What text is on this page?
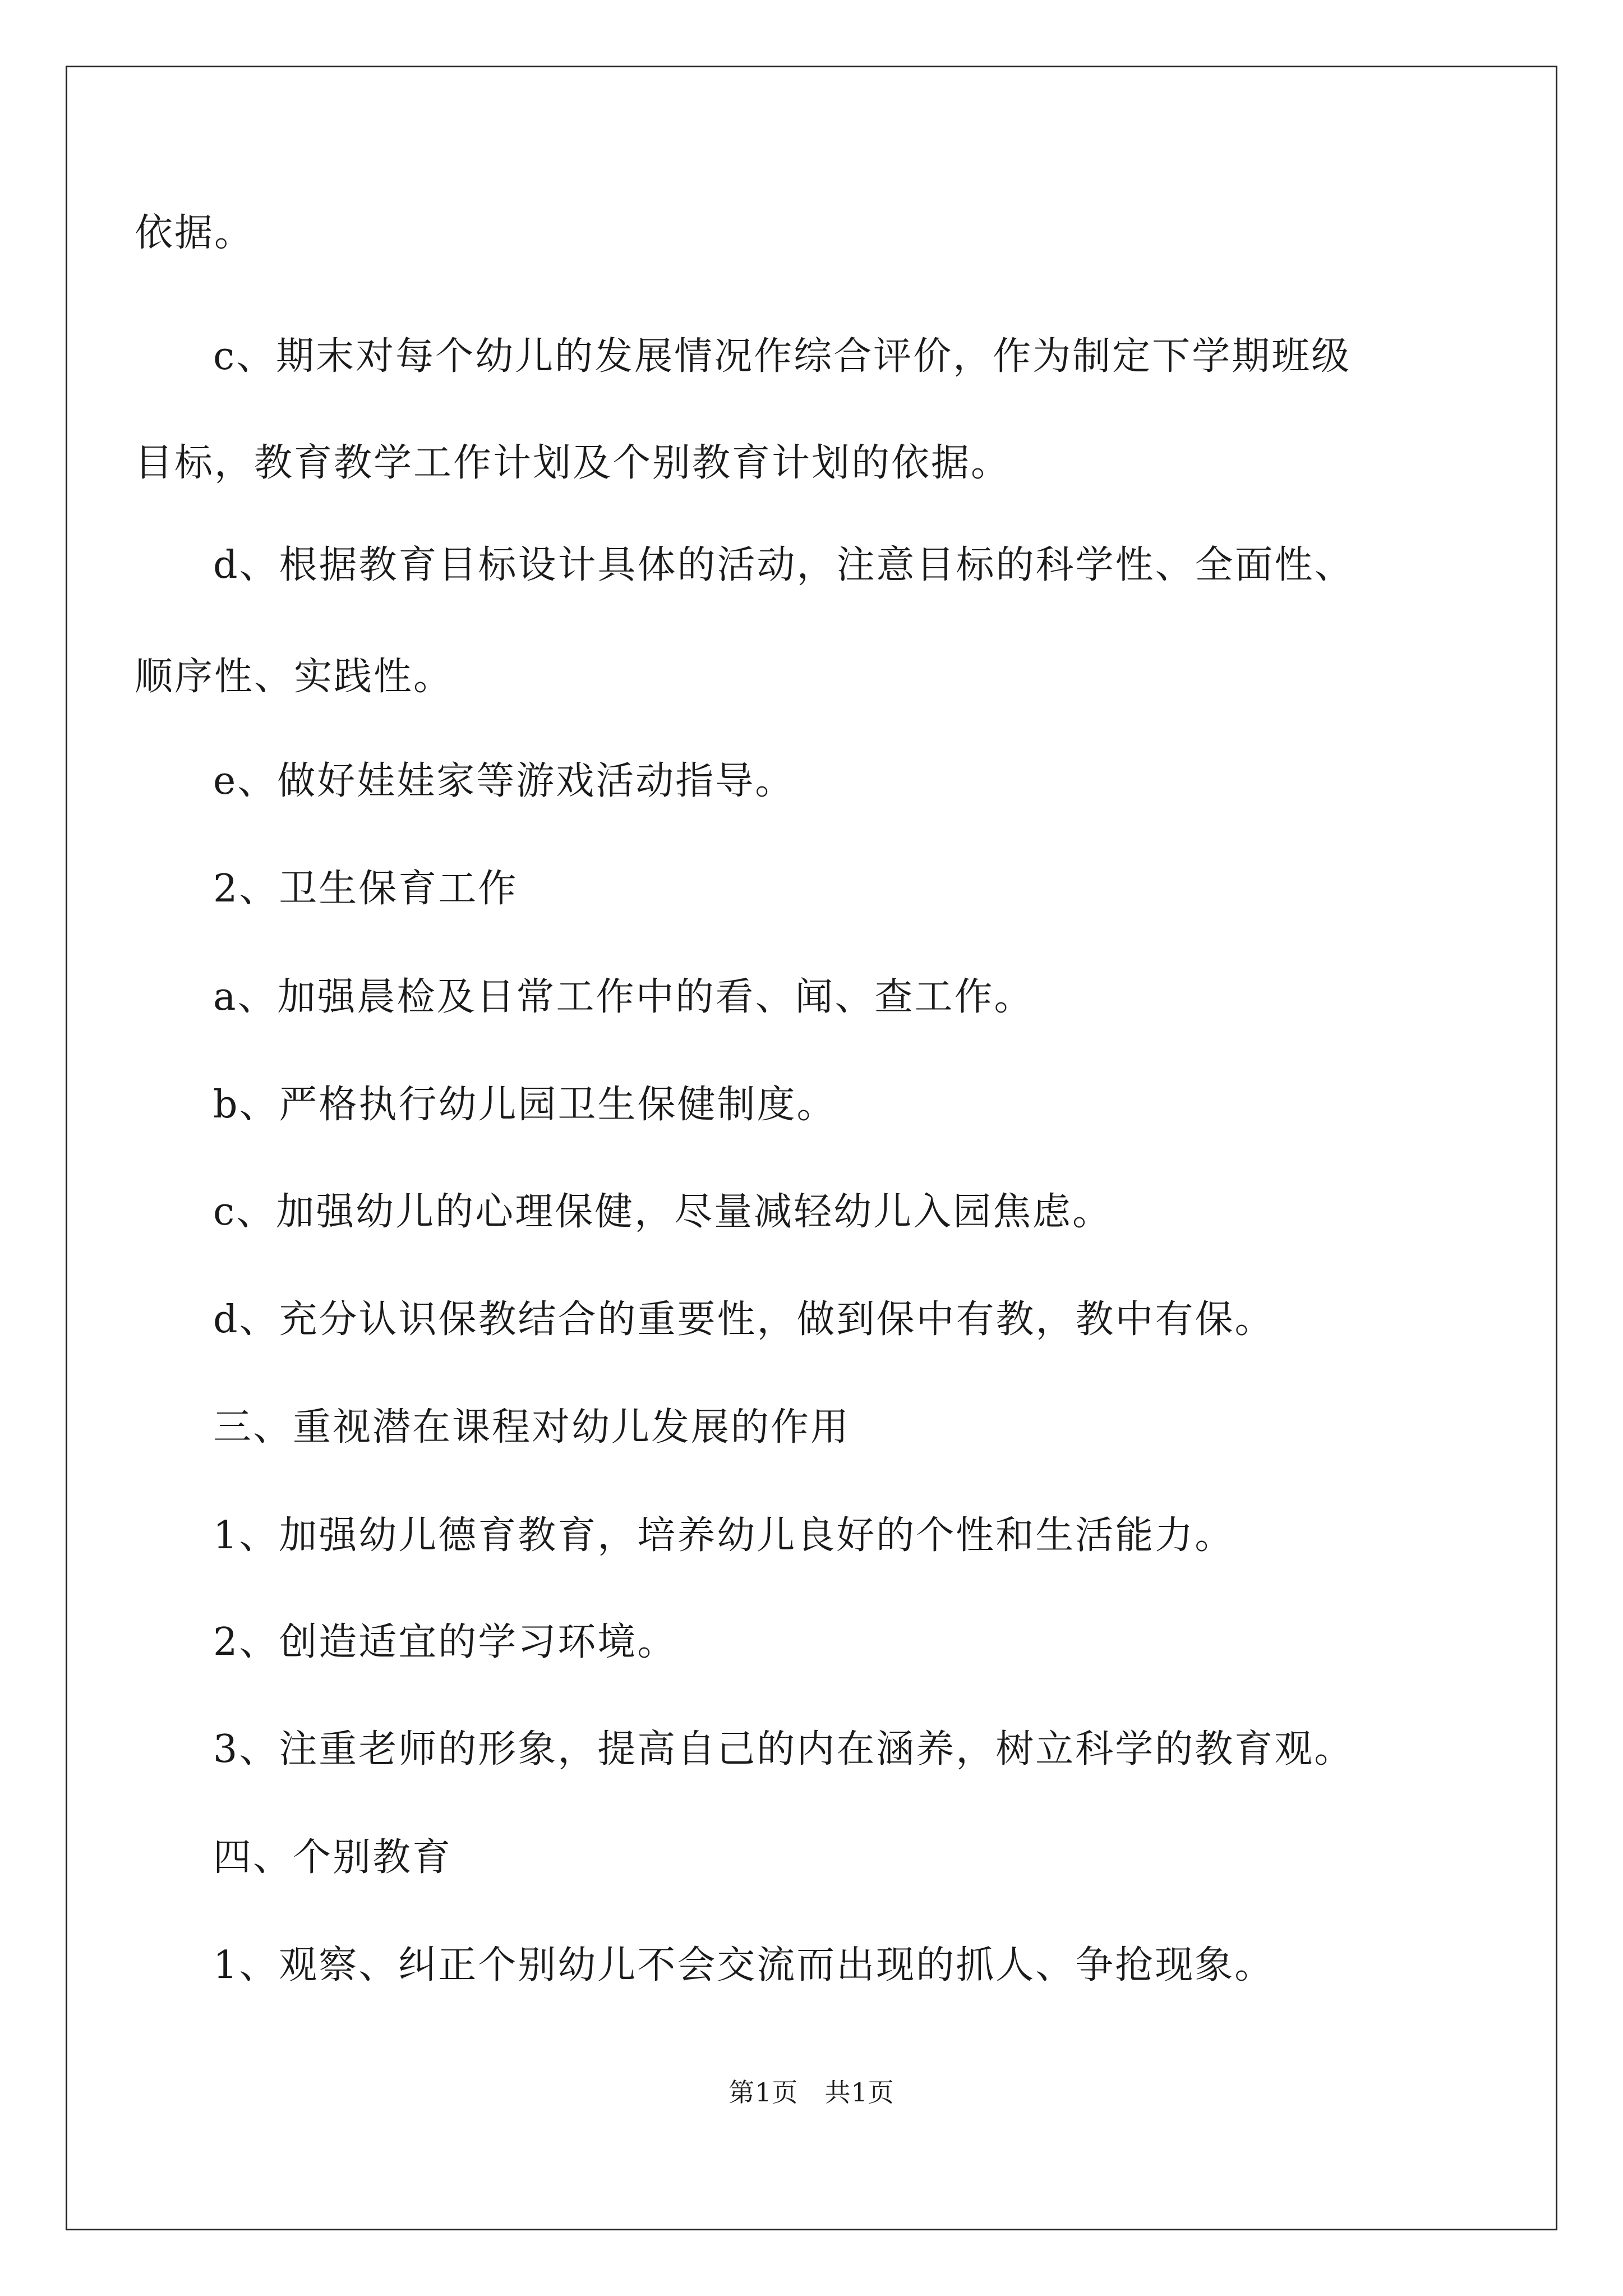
依据。
c、期末对每个幼儿的发展情况作综合评价，作为制定下学期班级
目标，教育教学工作计划及个别教育计划的依据。
d、根据教育目标设计具体的活动，注意目标的科学性、全面性、
顺序性、实践性。
e、做好娃娃家等游戏活动指导。
2、卫生保育工作
a、加强晨检及日常工作中的看、闻、查工作。
b、严格执行幼儿园卫生保健制度。
c、加强幼儿的心理保健，尽量减轻幼儿入园焦虑。
d、充分认识保教结合的重要性，做到保中有教，教中有保。
三、重视潜在课程对幼儿发展的作用
1、加强幼儿德育教育，培养幼儿良好的个性和生活能力。
2、创造适宜的学习环境。
3、注重老师的形象，提高自己的内在涵养，树立科学的教育观。
四、个别教育
1、观察、纠正个别幼儿不会交流而出现的抓人、争抢现象。
第1页　共1页
